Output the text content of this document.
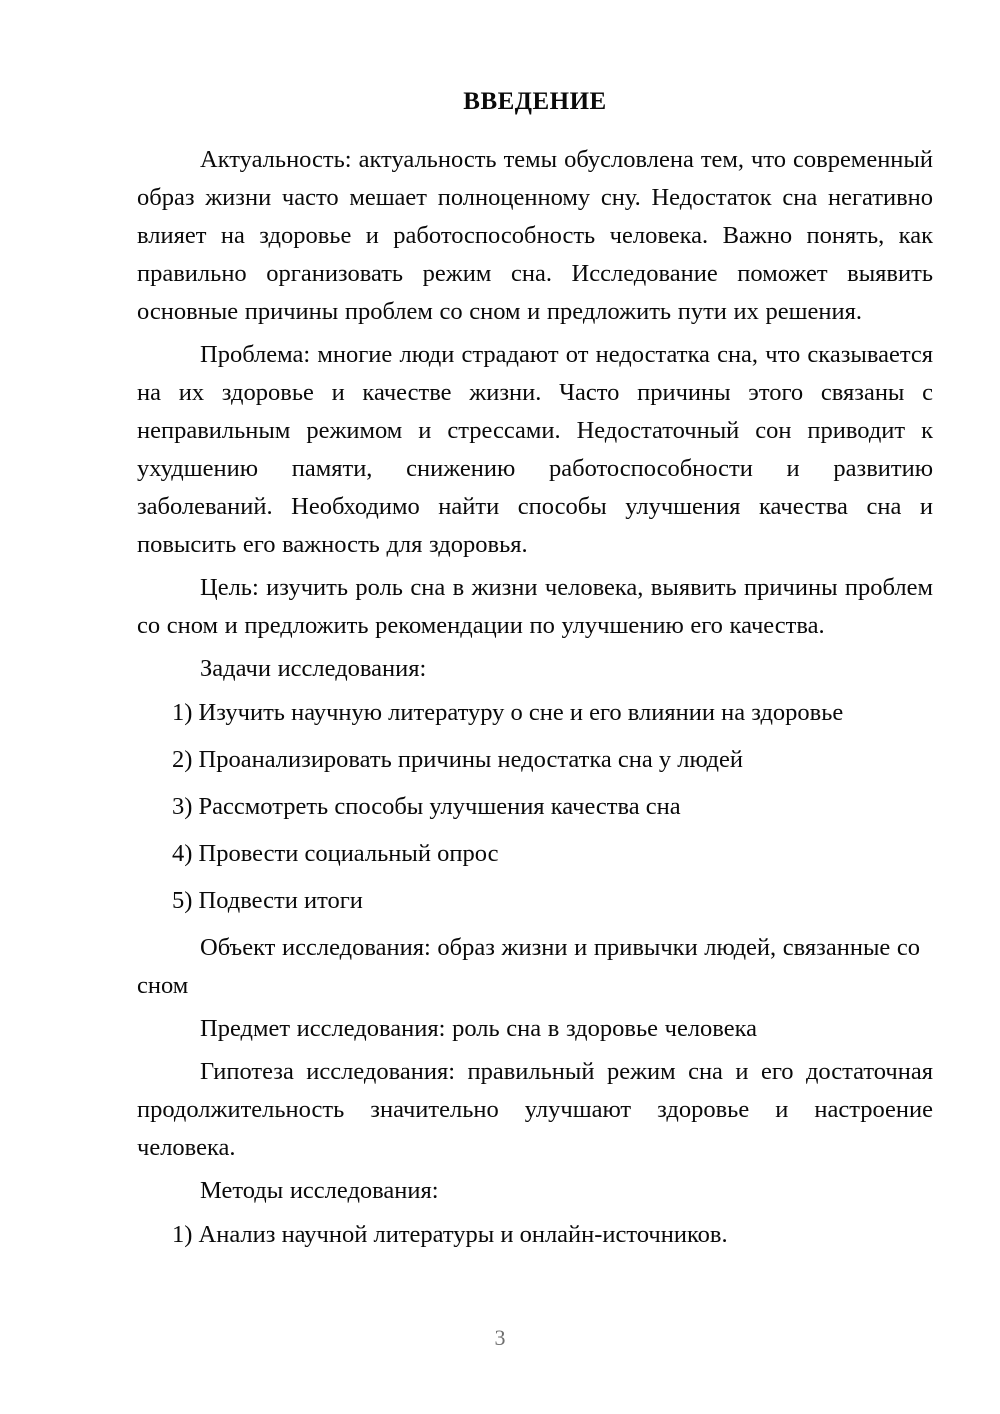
ВВЕДЕНИЕ

Актуальность: актуальность темы обусловлена тем, что современный образ жизни часто мешает полноценному сну. Недостаток сна негативно влияет на здоровье и работоспособность человека. Важно понять, как правильно организовать режим сна. Исследование поможет выявить основные причины проблем со сном и предложить пути их решения.

Проблема: многие люди страдают от недостатка сна, что сказывается на их здоровье и качестве жизни. Часто причины этого связаны с неправильным режимом и стрессами. Недостаточный сон приводит к ухудшению памяти, снижению работоспособности и развитию заболеваний. Необходимо найти способы улучшения качества сна и повысить его важность для здоровья.

Цель: изучить роль сна в жизни человека, выявить причины проблем со сном и предложить рекомендации по улучшению его качества.

Задачи исследования:

1) Изучить научную литературу о сне и его влиянии на здоровье
2) Проанализировать причины недостатка сна у людей
3) Рассмотреть способы улучшения качества сна
4) Провести социальный опрос
5) Подвести итоги

Объект исследования: образ жизни и привычки людей, связанные со сном

Предмет исследования: роль сна в здоровье человека

Гипотеза исследования: правильный режим сна и его достаточная продолжительность значительно улучшают здоровье и настроение человека.

Методы исследования:

1) Анализ научной литературы и онлайн-источников.
3
